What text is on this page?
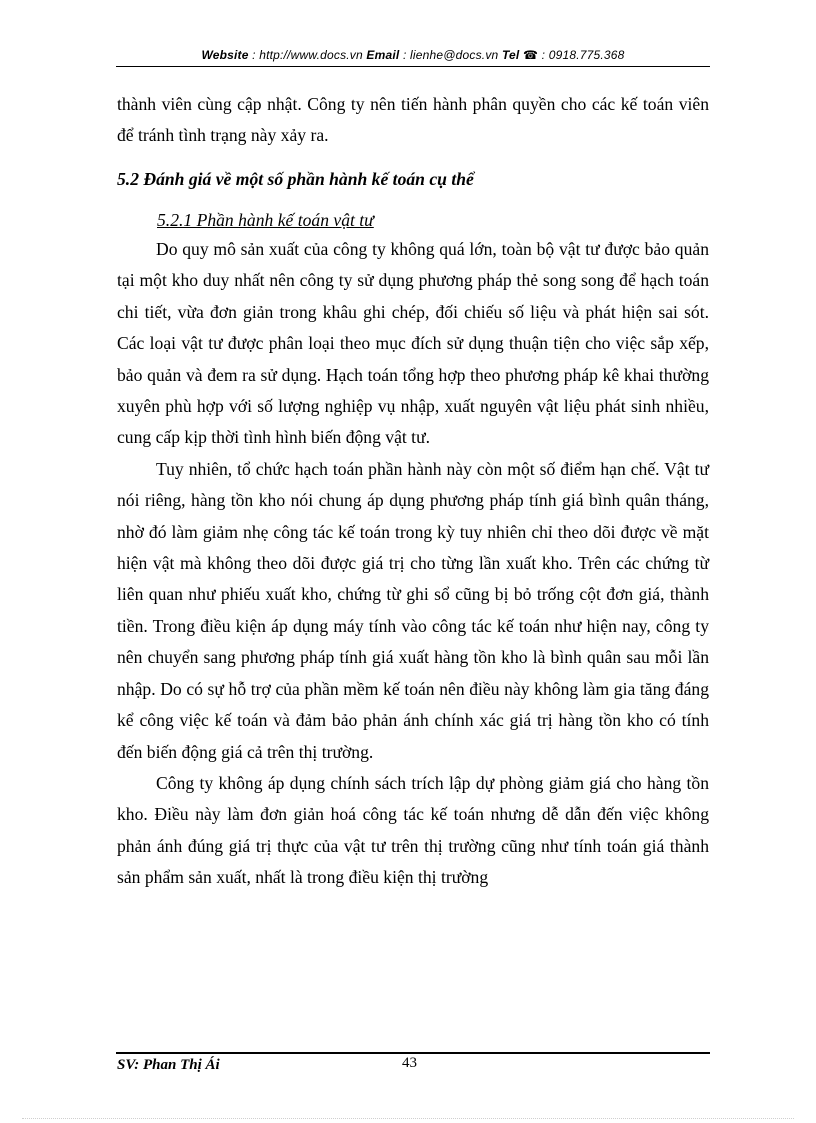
Website : http://www.docs.vn Email : lienhe@docs.vn Tel ☎ : 0918.775.368

thành viên cùng cập nhật. Công ty nên tiến hành phân quyền cho các kế toán viên để tránh tình trạng này xảy ra.

5.2 Đánh giá về một số phần hành kế toán cụ thể
5.2.1 Phần hành kế toán vật tư

Do quy mô sản xuất của công ty không quá lớn, toàn bộ vật tư được bảo quản tại một kho duy nhất nên công ty sử dụng phương pháp thẻ song song để hạch toán chi tiết, vừa đơn giản trong khâu ghi chép, đối chiếu số liệu và phát hiện sai sót. Các loại vật tư được phân loại theo mục đích sử dụng thuận tiện cho việc sắp xếp, bảo quản và đem ra sử dụng. Hạch toán tổng hợp theo phương pháp kê khai thường xuyên phù hợp với số lượng nghiệp vụ nhập, xuất nguyên vật liệu phát sinh nhiều, cung cấp kịp thời tình hình biến động vật tư.

Tuy nhiên, tổ chức hạch toán phần hành này còn một số điểm hạn chế. Vật tư nói riêng, hàng tồn kho nói chung áp dụng phương pháp tính giá bình quân tháng, nhờ đó làm giảm nhẹ công tác kế toán trong kỳ tuy nhiên chỉ theo dõi được về mặt hiện vật mà không theo dõi được giá trị cho từng lần xuất kho. Trên các chứng từ liên quan như phiếu xuất kho, chứng từ ghi sổ cũng bị bỏ trống cột đơn giá, thành tiền. Trong điều kiện áp dụng máy tính vào công tác kế toán như hiện nay, công ty nên chuyển sang phương pháp tính giá xuất hàng tồn kho là bình quân sau mỗi lần nhập. Do có sự hỗ trợ của phần mềm kế toán nên điều này không làm gia tăng đáng kể công việc kế toán và đảm bảo phản ánh chính xác giá trị hàng tồn kho có tính đến biến động giá cả trên thị trường.

Công ty không áp dụng chính sách trích lập dự phòng giảm giá cho hàng tồn kho. Điều này làm đơn giản hoá công tác kế toán nhưng dễ dẫn đến việc không phản ánh đúng giá trị thực của vật tư trên thị trường cũng như tính toán giá thành sản phẩm sản xuất, nhất là trong điều kiện thị trường

SV: Phan Thị Ái	43
